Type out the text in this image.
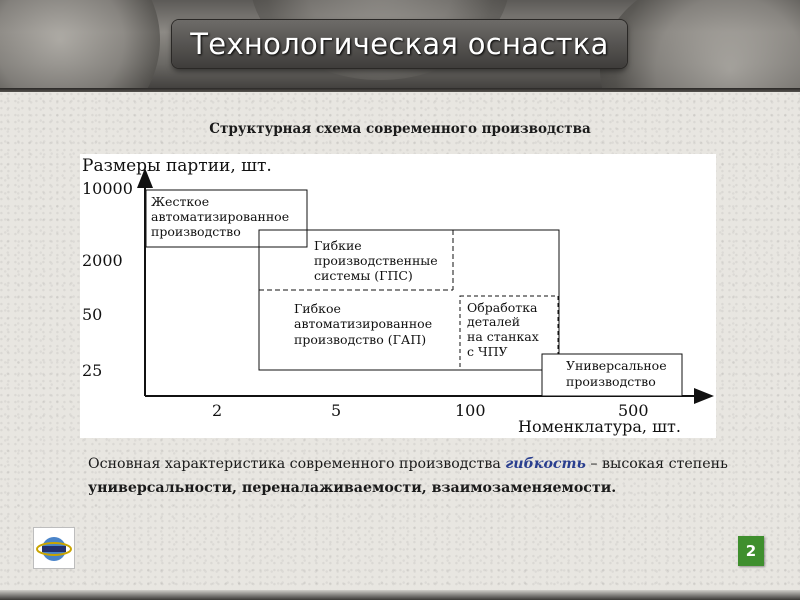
Технологическая оснастка
Структурная схема современного производства
Размеры партии, шт.
Номенклатура, шт.
10000
2000
50
25
2	5	100	500
Жесткое
автоматизированное
производство
Гибкие
производственные
системы (ГПС)
Гибкое
автоматизированное
производство (ГАП)
Обработка
деталей
на станках
с ЧПУ
Универсальное
производство
Основная характеристика современного производства гибкость – высокая степень универсальности, переналаживаемости, взаимозаменяемости.
2
